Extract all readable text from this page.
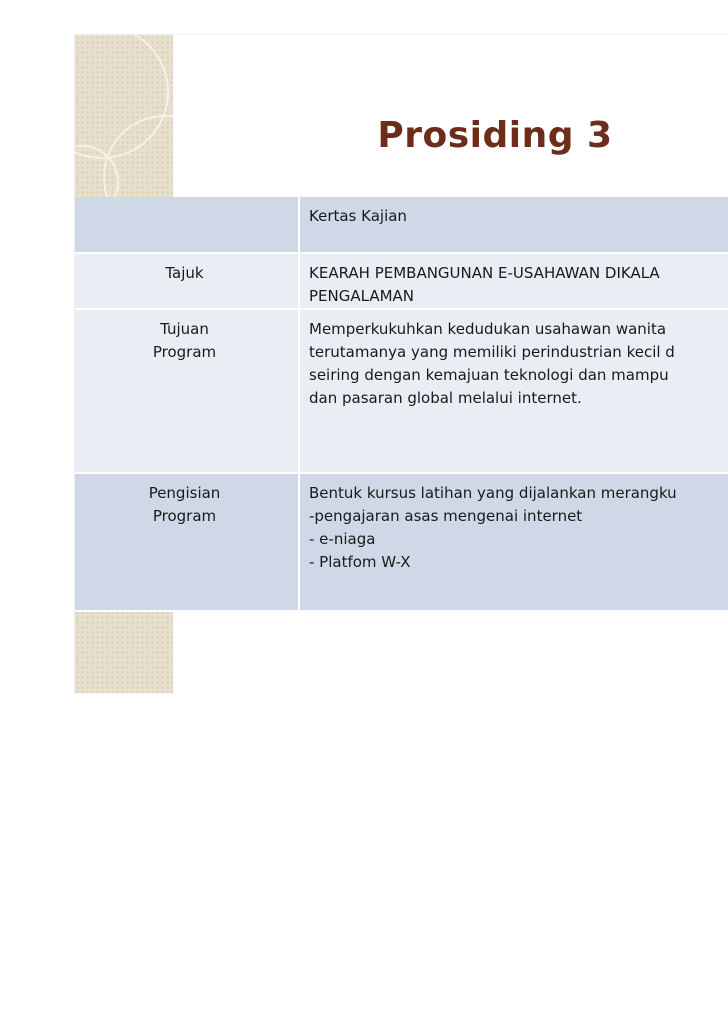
Prosiding 3

	Kertas Kajian

Tajuk	KEARAH PEMBANGUNAN E-USAHAWAN DIKALA
PENGALAMAN

Tujuan
Program	Memperkukuhkan kedudukan usahawan wanita
terutamanya yang memiliki perindustrian kecil d
seiring dengan kemajuan teknologi dan mampu
dan pasaran global melalui internet.

Pengisian
Program	Bentuk kursus latihan yang dijalankan merangku
-pengajaran asas mengenai internet
- e-niaga
- Platfom W-X
